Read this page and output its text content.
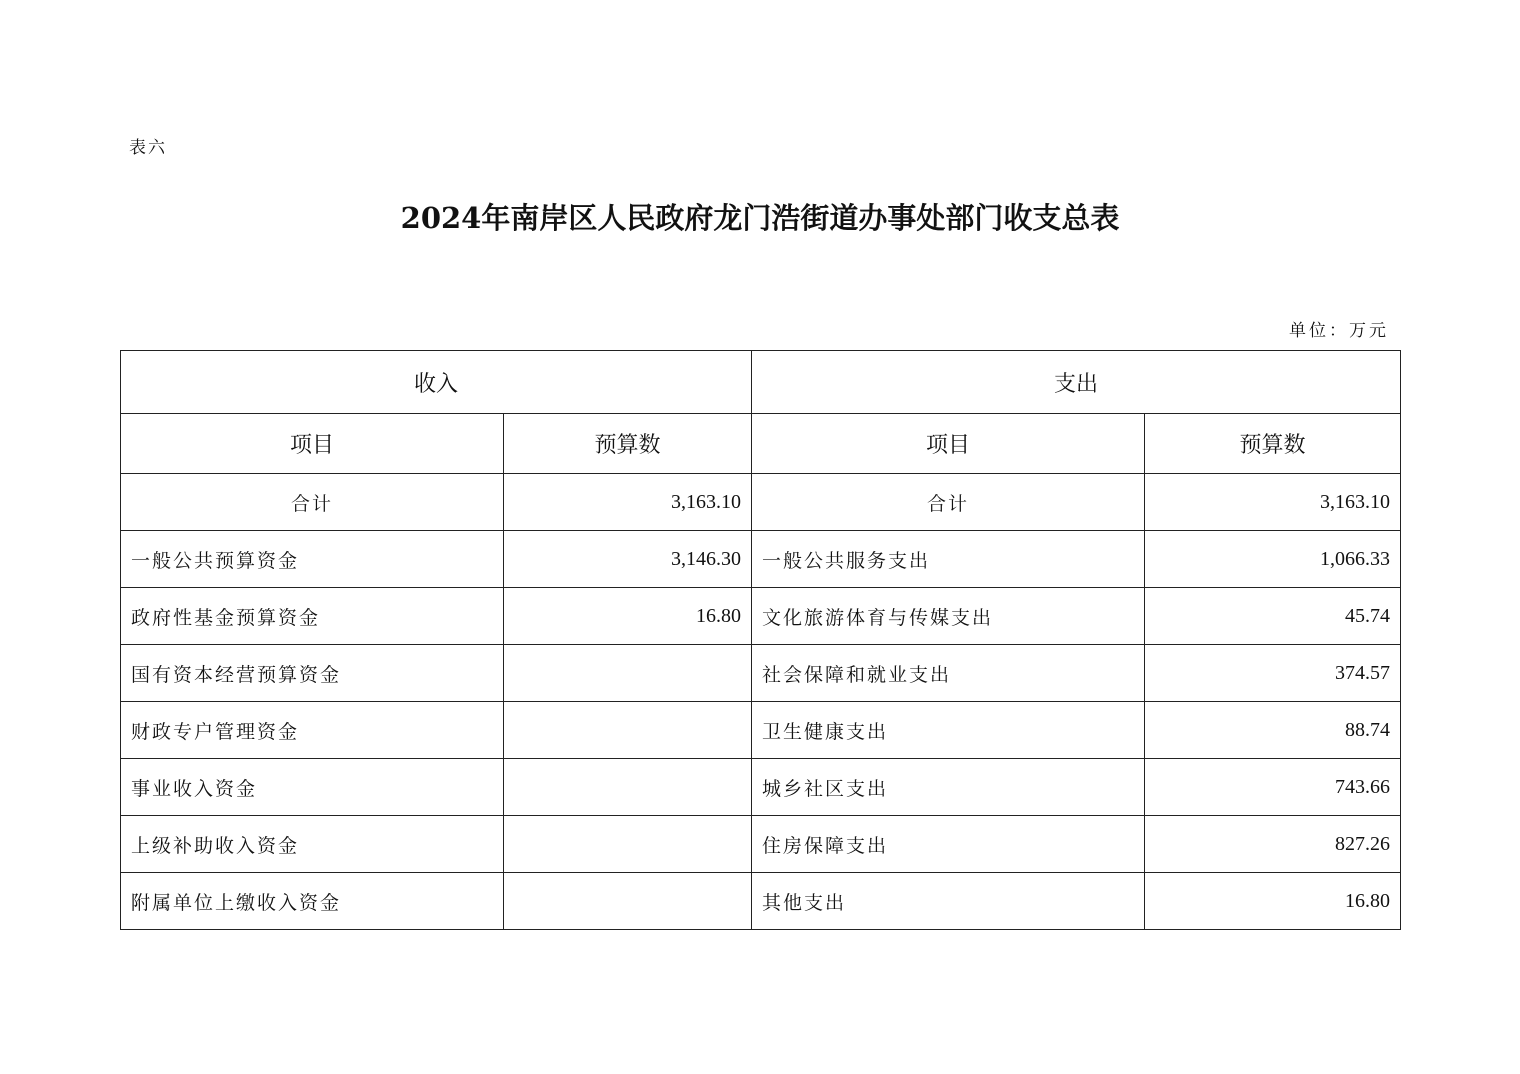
表六
2024年南岸区人民政府龙门浩街道办事处部门收支总表
单位：万元
收入		支出	
项目	预算数	项目	预算数
合计	3,163.10	合计	3,163.10
一般公共预算资金	3,146.30	一般公共服务支出	1,066.33
政府性基金预算资金	16.80	文化旅游体育与传媒支出	45.74
国有资本经营预算资金		社会保障和就业支出	374.57
财政专户管理资金		卫生健康支出	88.74
事业收入资金		城乡社区支出	743.66
上级补助收入资金		住房保障支出	827.26
附属单位上缴收入资金		其他支出	16.80
